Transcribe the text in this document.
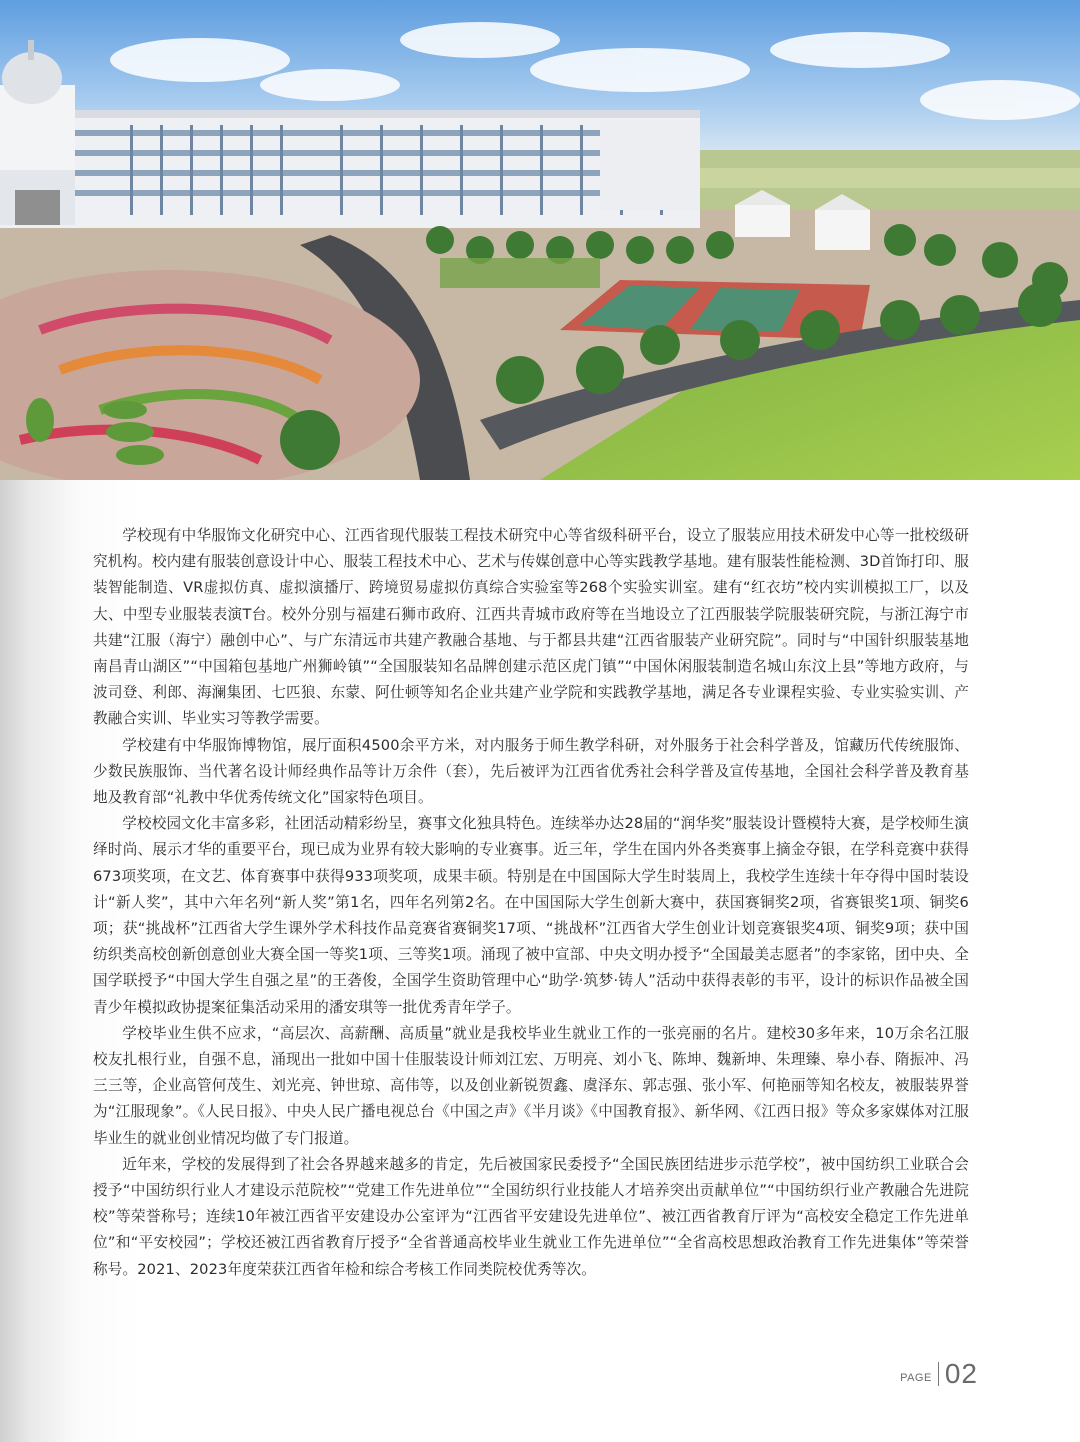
学校现有中华服饰文化研究中心、江西省现代服装工程技术研究中心等省级科研平台，设立了服装应用技术研发中心等一批校级研究机构。校内建有服装创意设计中心、服装工程技术中心、艺术与传媒创意中心等实践教学基地。建有服装性能检测、3D首饰打印、服装智能制造、VR虚拟仿真、虚拟演播厅、跨境贸易虚拟仿真综合实验室等268个实验实训室。建有“红衣坊”校内实训模拟工厂，以及大、中型专业服装表演T台。校外分别与福建石狮市政府、江西共青城市政府等在当地设立了江西服装学院服装研究院，与浙江海宁市共建“江服（海宁）融创中心”、与广东清远市共建产教融合基地、与于都县共建“江西省服装产业研究院”。同时与“中国针织服装基地南昌青山湖区”“中国箱包基地广州狮岭镇”“全国服装知名品牌创建示范区虎门镇”“中国休闲服装制造名城山东汶上县”等地方政府，与波司登、利郎、海澜集团、七匹狼、东蒙、阿仕顿等知名企业共建产业学院和实践教学基地，满足各专业课程实验、专业实验实训、产教融合实训、毕业实习等教学需要。

学校建有中华服饰博物馆，展厅面积4500余平方米，对内服务于师生教学科研，对外服务于社会科学普及，馆藏历代传统服饰、少数民族服饰、当代著名设计师经典作品等计万余件（套），先后被评为江西省优秀社会科学普及宣传基地，全国社会科学普及教育基地及教育部“礼教中华优秀传统文化”国家特色项目。

学校校园文化丰富多彩，社团活动精彩纷呈，赛事文化独具特色。连续举办达28届的“润华奖”服装设计暨模特大赛，是学校师生演绎时尚、展示才华的重要平台，现已成为业界有较大影响的专业赛事。近三年，学生在国内外各类赛事上摘金夺银，在学科竞赛中获得673项奖项，在文艺、体育赛事中获得933项奖项，成果丰硕。特别是在中国国际大学生时装周上，我校学生连续十年夺得中国时装设计“新人奖”，其中六年名列“新人奖”第1名，四年名列第2名。在中国国际大学生创新大赛中，获国赛铜奖2项，省赛银奖1项、铜奖6项；获“挑战杯”江西省大学生课外学术科技作品竞赛省赛铜奖17项、“挑战杯”江西省大学生创业计划竞赛银奖4项、铜奖9项；获中国纺织类高校创新创意创业大赛全国一等奖1项、三等奖1项。涌现了被中宣部、中央文明办授予“全国最美志愿者”的李家铭，团中央、全国学联授予“中国大学生自强之星”的王砻俊，全国学生资助管理中心“助学·筑梦·铸人”活动中获得表彰的韦平，设计的标识作品被全国青少年模拟政协提案征集活动采用的潘安琪等一批优秀青年学子。

学校毕业生供不应求，“高层次、高薪酬、高质量”就业是我校毕业生就业工作的一张亮丽的名片。建校30多年来，10万余名江服校友扎根行业，自强不息，涌现出一批如中国十佳服装设计师刘江宏、万明亮、刘小飞、陈坤、魏新坤、朱理臻、皋小春、隋振冲、冯三三等，企业高管何茂生、刘光亮、钟世琼、高伟等，以及创业新锐贺鑫、虞泽东、郭志强、张小军、何艳丽等知名校友，被服装界誉为“江服现象”。《人民日报》、中央人民广播电视总台《中国之声》《半月谈》《中国教育报》、新华网、《江西日报》等众多家媒体对江服毕业生的就业创业情况均做了专门报道。

近年来，学校的发展得到了社会各界越来越多的肯定，先后被国家民委授予“全国民族团结进步示范学校”，被中国纺织工业联合会授予“中国纺织行业人才建设示范院校”“党建工作先进单位”“全国纺织行业技能人才培养突出贡献单位”“中国纺织行业产教融合先进院校”等荣誉称号；连续10年被江西省平安建设办公室评为“江西省平安建设先进单位”、被江西省教育厅评为“高校安全稳定工作先进单位”和“平安校园”；学校还被江西省教育厅授予“全省普通高校毕业生就业工作先进单位”“全省高校思想政治教育工作先进集体”等荣誉称号。2021、2023年度荣获江西省年检和综合考核工作同类院校优秀等次。

PAGE 02
